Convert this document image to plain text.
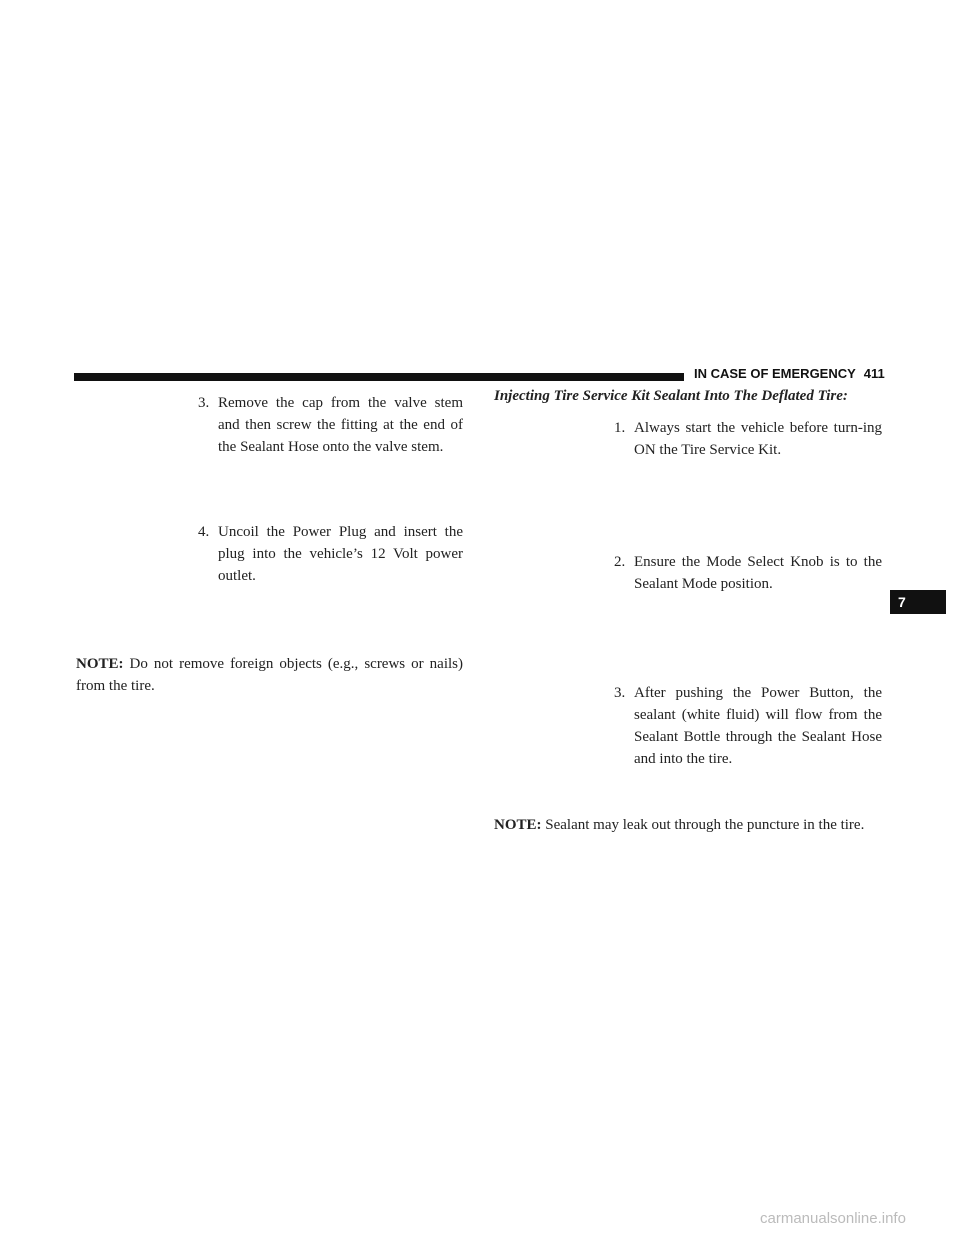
IN CASE OF EMERGENCY 411
7
3. Remove the cap from the valve stem and then screw the fitting at the end of the Sealant Hose onto the valve stem.
4. Uncoil the Power Plug and insert the plug into the vehicle’s 12 Volt power outlet.
NOTE: Do not remove foreign objects (e.g., screws or nails) from the tire.
Injecting Tire Service Kit Sealant Into The Deflated Tire:
1. Always start the vehicle before turn-ing ON the Tire Service Kit.
2. Ensure the Mode Select Knob is to the Sealant Mode position.
3. After pushing the Power Button, the sealant (white fluid) will flow from the Sealant Bottle through the Sealant Hose and into the tire.
NOTE: Sealant may leak out through the puncture in the tire.
carmanualsonline.info
